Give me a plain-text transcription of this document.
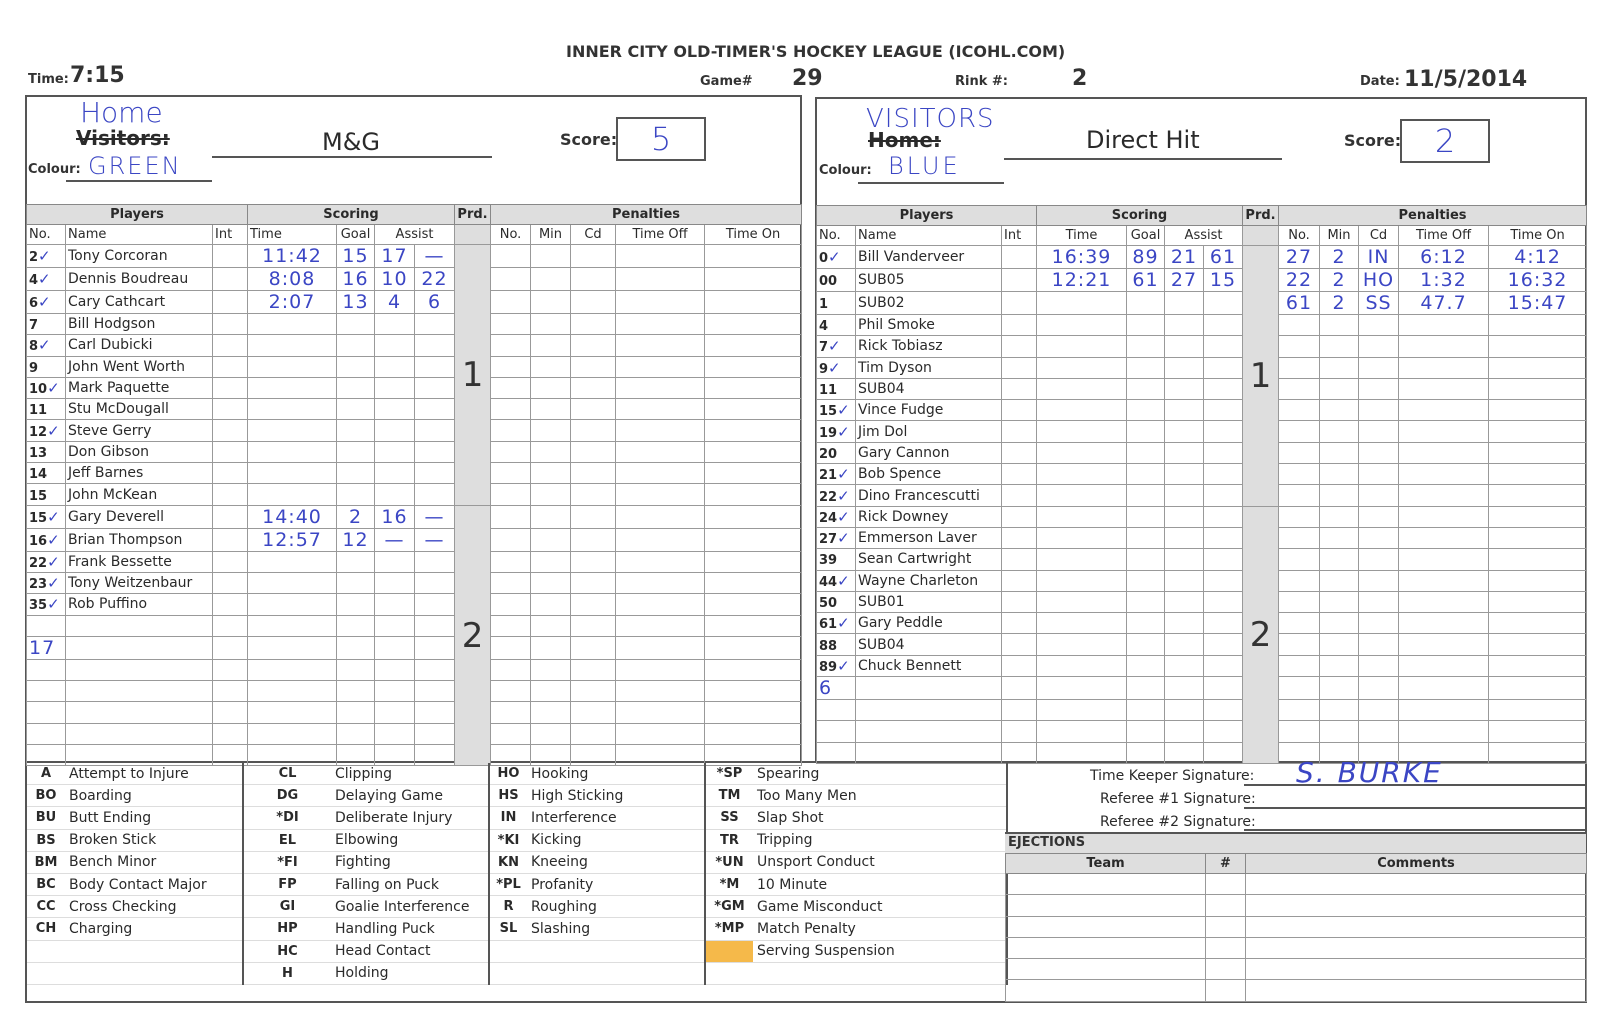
INNER CITY OLD-TIMER'S HOCKEY LEAGUE (ICOHL.COM)
Time: 7:15	Game# 29	Rink #:	2	Date: 11/5/2014
Home
Visitors:	M&G	Score:	5
Colour: GREEN
VISITORS
Home:	Direct Hit	Score:	2
Colour: BLUE
Players			Scoring				Prd.	Penalties				
No.	Name	Int	Time	Goal	Assist			No.	Min	Cd	Time Off	Time On
2✓	Tony Corcoran		11:42	15	17	—	1					
4✓	Dennis Boudreau		8:08	16	10	22						
6✓	Cary Cathcart		2:07	13	4	6						
7	Bill Hodgson											
8✓	Carl Dubicki											
9	John Went Worth											
10✓	Mark Paquette											
11	Stu McDougall											
12✓	Steve Gerry											
13	Don Gibson											
14	Jeff Barnes											
15	John McKean											
15✓	Gary Deverell		14:40	2	16	—	2					
16✓	Brian Thompson		12:57	12	—	—						
22✓	Frank Bessette											
23✓	Tony Weitzenbaur											
35✓	Rob Puffino											

17												

Players			Scoring				Prd.	Penalties				
No.	Name	Int	Time	Goal	Assist			No.	Min	Cd	Time Off	Time On
0✓	Bill Vanderveer		16:39	89	21	61	1	27	2	IN	6:12	4:12
00	SUB05		12:21	61	27	15		22	2	HO	1:32	16:32
1	SUB02							61	2	SS	47.7	15:47
4	Phil Smoke											
7✓	Rick Tobiasz											
9✓	Tim Dyson											
11	SUB04											
15✓	Vince Fudge											
19✓	Jim Dol											
20	Gary Cannon											
21✓	Bob Spence											
22✓	Dino Francescutti											
24✓	Rick Downey						2					
27✓	Emmerson Laver											
39	Sean Cartwright											
44✓	Wayne Charleton											
50	SUB01											
61✓	Gary Peddle											
88	SUB04											
89✓	Chuck Bennett											
6												

A	Attempt to Injure	CL	Clipping	HO	Hooking	*SP	Spearing
BO	Boarding	DG	Delaying Game	HS	High Sticking	TM	Too Many Men
BU	Butt Ending	*DI	Deliberate Injury	IN	Interference	SS	Slap Shot
BS	Broken Stick	EL	Elbowing	*KI	Kicking	TR	Tripping
BM	Bench Minor	*FI	Fighting	KN	Kneeing	*UN	Unsport Conduct
BC	Body Contact Major	FP	Falling on Puck	*PL	Profanity	*M	10 Minute
CC	Cross Checking	GI	Goalie Interference	R	Roughing	*GM	Game Misconduct
CH	Charging	HP	Handling Puck	SL	Slashing	*MP	Match Penalty
		HC	Head Contact				Serving Suspension
		H	Holding				
Time Keeper Signature: S. BURKE
Referee #1 Signature:
Referee #2 Signature:
EJECTIONS
Team	#	Comments
